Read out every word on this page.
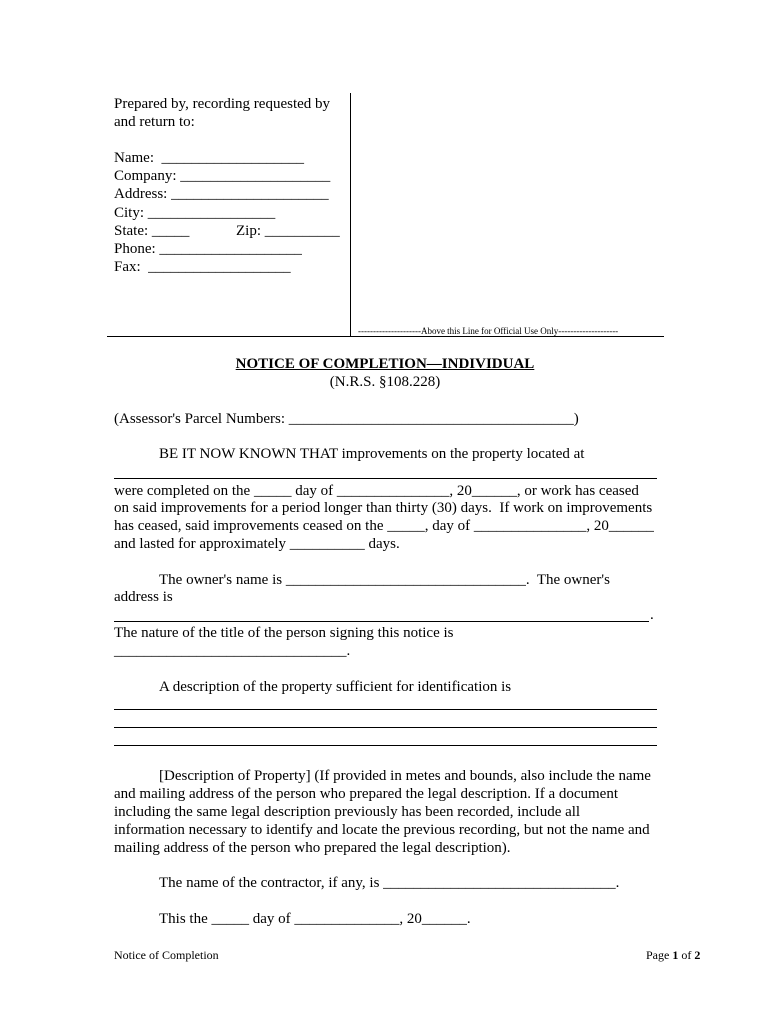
Prepared by, recording requested by
and return to:
Name:  ___________________
Company: ____________________
Address: _____________________
City: _________________
State: _____	Zip: __________
Phone: ___________________
Fax:  ___________________
---------------------Above this Line for Official Use Only--------------------
NOTICE OF COMPLETION—INDIVIDUAL
(N.R.S. §108.228)
(Assessor's Parcel Numbers: ______________________________________)
BE IT NOW KNOWN THAT improvements on the property located at
were completed on the _____ day of _______________, 20______, or work has ceased
on said improvements for a period longer than thirty (30) days.  If work on improvements
has ceased, said improvements ceased on the _____, day of _______________, 20______
and lasted for approximately __________ days.
The owner's name is ________________________________.  The owner's
address is
.
The nature of the title of the person signing this notice is
_______________________________.
A description of the property sufficient for identification is
[Description of Property] (If provided in metes and bounds, also include the name
and mailing address of the person who prepared the legal description. If a document
including the same legal description previously has been recorded, include all
information necessary to identify and locate the previous recording, but not the name and
mailing address of the person who prepared the legal description).
The name of the contractor, if any, is _______________________________.
This the _____ day of ______________, 20______.
Notice of Completion	Page 1 of 2
